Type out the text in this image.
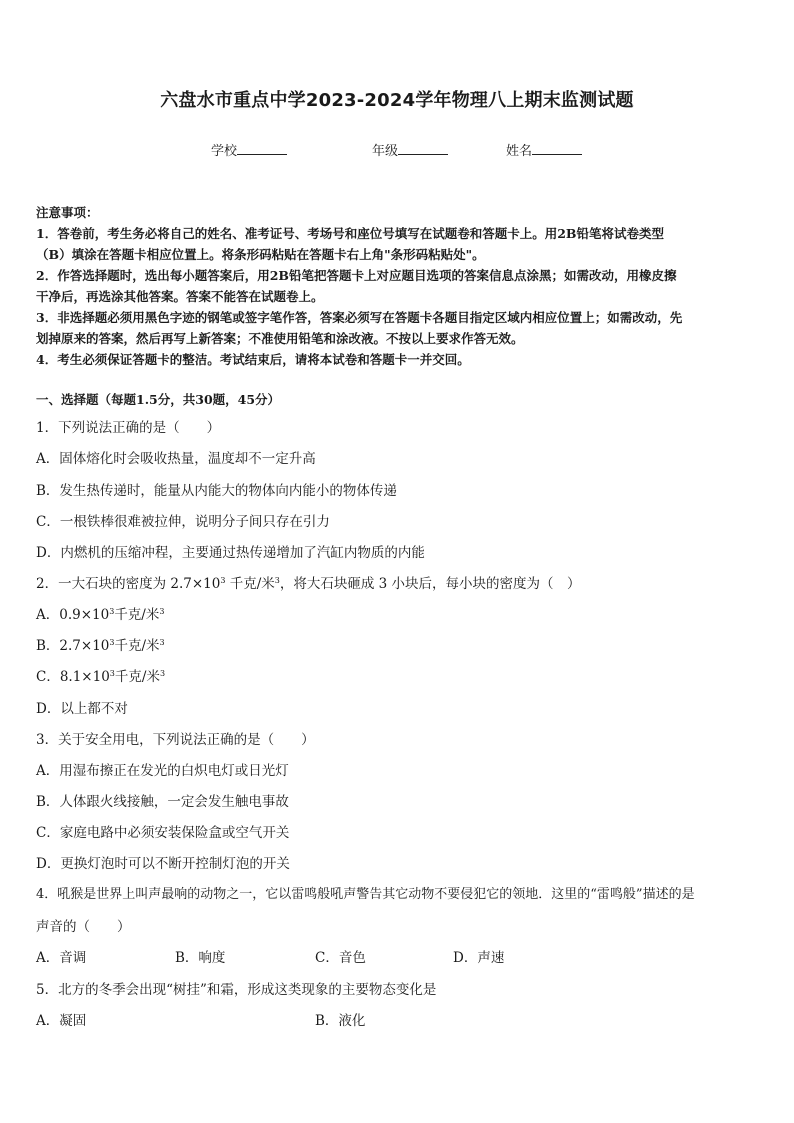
六盘水市重点中学2023-2024学年物理八上期末监测试题
学校	年级	姓名
注意事项：
1．答卷前，考生务必将自己的姓名、准考证号、考场号和座位号填写在试题卷和答题卡上。用2B铅笔将试卷类型
（B）填涂在答题卡相应位置上。将条形码粘贴在答题卡右上角"条形码粘贴处"。
2．作答选择题时，选出每小题答案后，用2B铅笔把答题卡上对应题目选项的答案信息点涂黑；如需改动，用橡皮擦
干净后，再选涂其他答案。答案不能答在试题卷上。
3．非选择题必须用黑色字迹的钢笔或签字笔作答，答案必须写在答题卡各题目指定区域内相应位置上；如需改动，先
划掉原来的答案，然后再写上新答案；不准使用铅笔和涂改液。不按以上要求作答无效。
4．考生必须保证答题卡的整洁。考试结束后，请将本试卷和答题卡一并交回。
一、选择题（每题1.5分，共30题，45分）
1．下列说法正确的是（　　）
A．固体熔化时会吸收热量，温度却不一定升高
B．发生热传递时，能量从内能大的物体向内能小的物体传递
C．一根铁棒很难被拉伸，说明分子间只存在引力
D．内燃机的压缩冲程，主要通过热传递增加了汽缸内物质的内能
2．一大石块的密度为 $2.7\times 10^3$ 千克/米$^3$，将大石块砸成 3 小块后，每小块的密度为（　）
A．$0.9\times 10^3$千克/米$^3$
B．$2.7\times 10^3$千克/米$^3$
C．$8.1\times 10^3$千克/米$^3$
D．以上都不对
3．关于安全用电，下列说法正确的是（　　）
A．用湿布擦正在发光的白炽电灯或日光灯
B．人体跟火线接触，一定会发生触电事故
C．家庭电路中必须安装保险盒或空气开关
D．更换灯泡时可以不断开控制灯泡的开关
4．吼猴是世界上叫声最响的动物之一，它以雷鸣般吼声警告其它动物不要侵犯它的领地．这里的“雷鸣般”描述的是
声音的（　　）
A．音调	B．响度	C．音色	D．声速
5．北方的冬季会出现“树挂”和霜，形成这类现象的主要物态变化是
A．凝固	B．液化
